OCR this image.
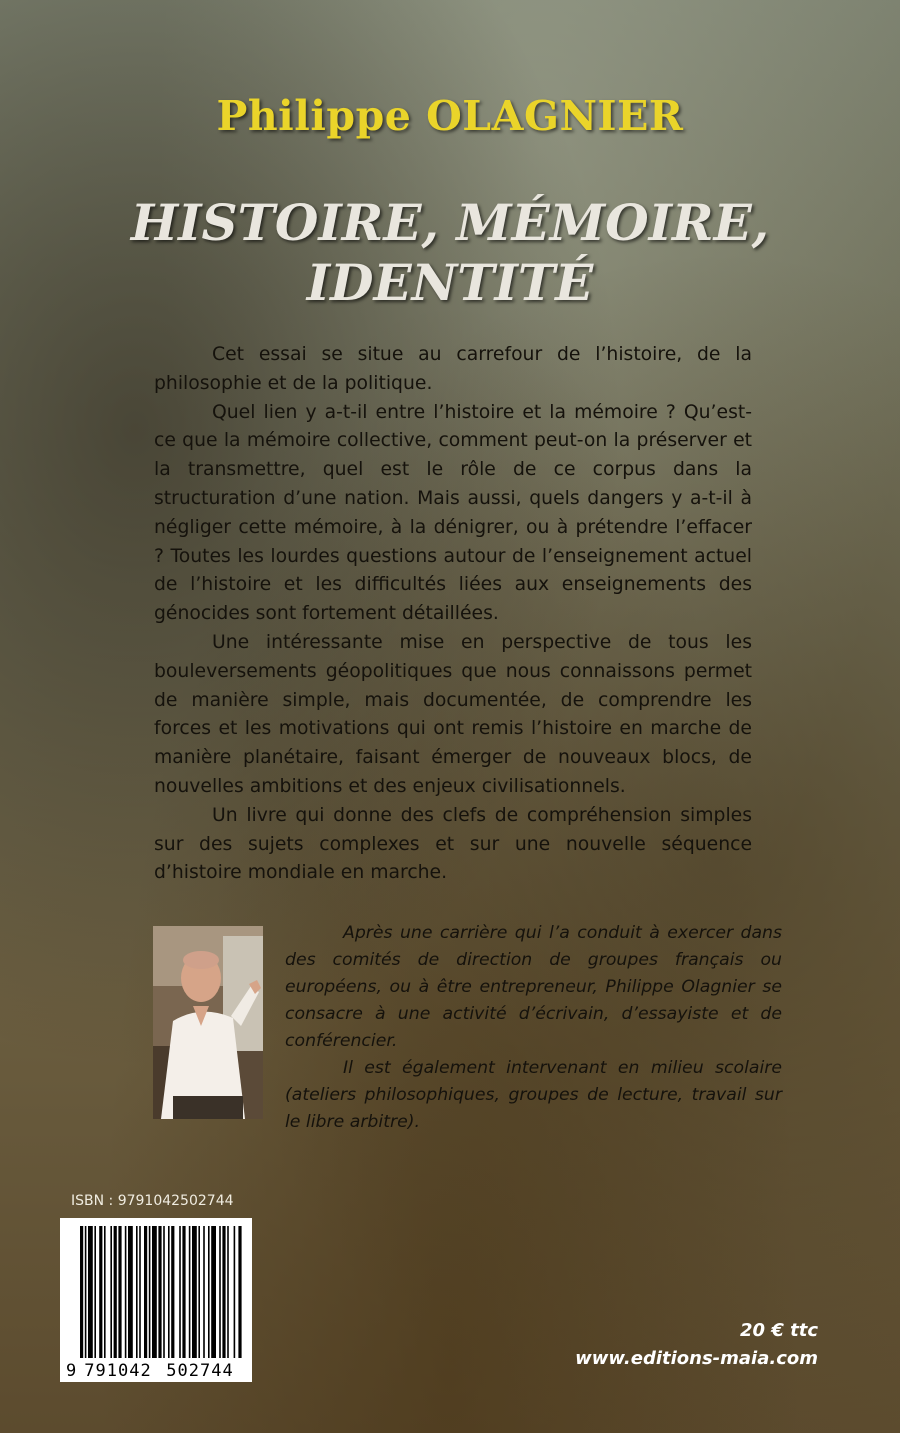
Philippe OLAGNIER
HISTOIRE, MÉMOIRE,
IDENTITÉ

Cet essai se situe au carrefour de l’histoire, de la philosophie et de la politique.

Quel lien y a-t-il entre l’histoire et la mémoire ? Qu’est-ce que la mémoire collective, comment peut-on la préserver et la transmettre, quel est le rôle de ce corpus dans la structuration d’une nation. Mais aussi, quels dangers y a-t-il à négliger cette mémoire, à la dénigrer, ou à prétendre l’effacer ? Toutes les lourdes questions autour de l’enseignement actuel de l’histoire et les difficultés liées aux enseignements des génocides sont fortement détaillées.

Une intéressante mise en perspective de tous les bouleversements géopolitiques que nous connaissons permet de manière simple, mais documentée, de comprendre les forces et les motivations qui ont remis l’histoire en marche de manière planétaire, faisant émerger de nouveaux blocs, de nouvelles ambitions et des enjeux civilisationnels.

Un livre qui donne des clefs de compréhension simples sur des sujets complexes et sur une nouvelle séquence d’histoire mondiale en marche.

Après une carrière qui l’a conduit à exercer dans des comités de direction de groupes français ou européens, ou à être entrepreneur, Philippe Olagnier se consacre à une activité d’écrivain, d’essayiste et de conférencier.

Il est également intervenant en milieu scolaire (ateliers philosophiques, groupes de lecture, travail sur le libre arbitre).

ISBN : 9791042502744
9 791042 502744
20 € ttc
www.editions-maia.com
